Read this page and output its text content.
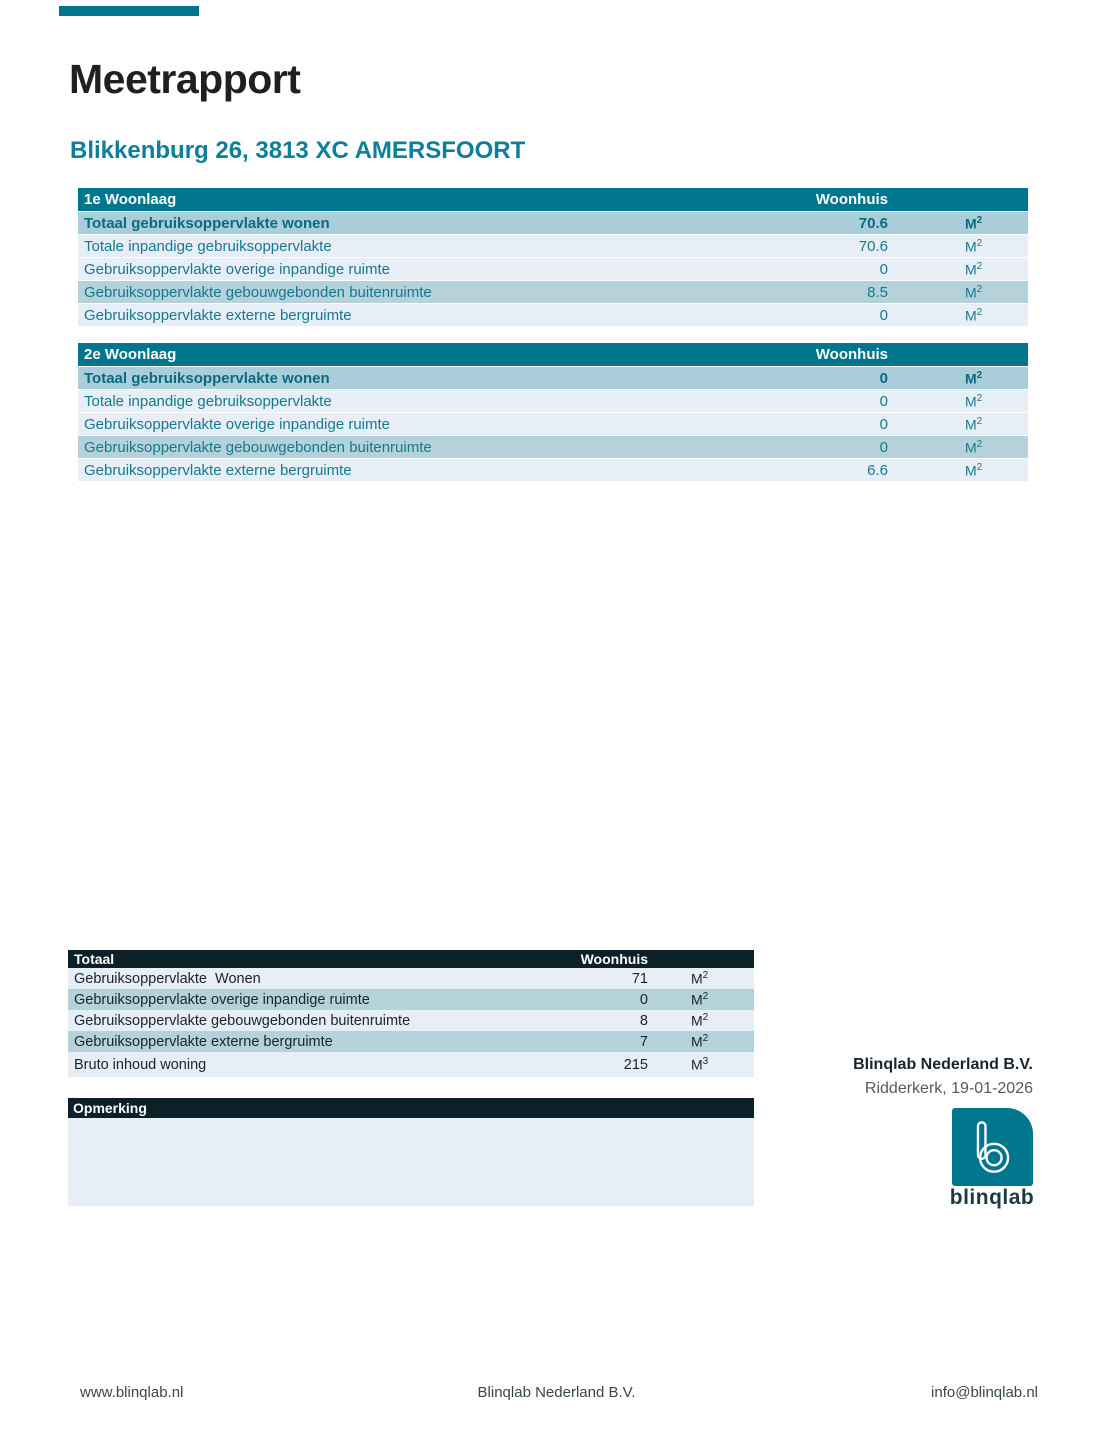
Meetrapport
Blikkenburg 26, 3813 XC AMERSFOORT
1e Woonlaag	Woonhuis
Totaal gebruiksoppervlakte wonen	70.6	$M^2$
Totale inpandige gebruiksoppervlakte	70.6	$M^2$
Gebruiksoppervlakte overige inpandige ruimte	0	$M^2$
Gebruiksoppervlakte gebouwgebonden buitenruimte	8.5	$M^2$
Gebruiksoppervlakte externe bergruimte	0	$M^2$
2e Woonlaag	Woonhuis
Totaal gebruiksoppervlakte wonen	0	$M^2$
Totale inpandige gebruiksoppervlakte	0	$M^2$
Gebruiksoppervlakte overige inpandige ruimte	0	$M^2$
Gebruiksoppervlakte gebouwgebonden buitenruimte	0	$M^2$
Gebruiksoppervlakte externe bergruimte	6.6	$M^2$
Totaal	Woonhuis
Gebruiksoppervlakte  Wonen	71	$M^2$
Gebruiksoppervlakte overige inpandige ruimte	0	$M^2$
Gebruiksoppervlakte gebouwgebonden buitenruimte	8	$M^2$
Gebruiksoppervlakte externe bergruimte	7	$M^2$
Bruto inhoud woning	215	$M^3$
Opmerking
Blinqlab Nederland B.V.
Ridderkerk, 19-01-2026
blinqlab
www.blinqlab.nl	Blinqlab Nederland B.V.	info@blinqlab.nl
